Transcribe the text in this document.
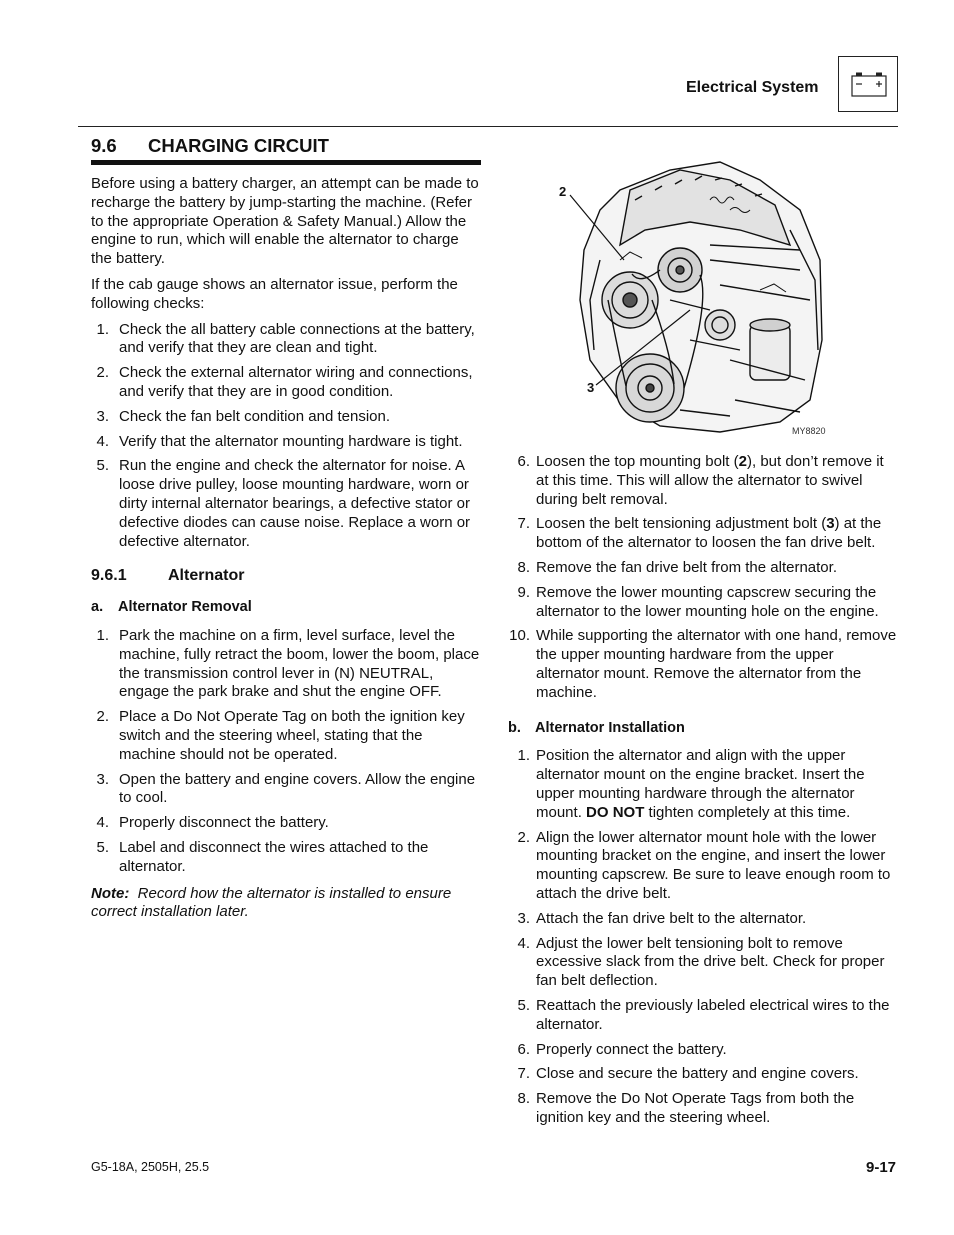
Electrical System
9.6 CHARGING CIRCUIT

Before using a battery charger, an attempt can be made to recharge the battery by jump-starting the machine. (Refer to the appropriate Operation & Safety Manual.) Allow the engine to run, which will enable the alternator to charge the battery.

If the cab gauge shows an alternator issue, perform the following checks:

1. Check the all battery cable connections at the battery, and verify that they are clean and tight.
2. Check the external alternator wiring and connections, and verify that they are in good condition.
3. Check the fan belt condition and tension.
4. Verify that the alternator mounting hardware is tight.
5. Run the engine and check the alternator for noise. A loose drive pulley, loose mounting hardware, worn or dirty internal alternator bearings, a defective stator or defective diodes can cause noise. Replace a worn or defective alternator.
9.6.1	Alternator
a. Alternator Removal
1. Park the machine on a firm, level surface, level the machine, fully retract the boom, lower the boom, place the transmission control lever in (N) NEUTRAL, engage the park brake and shut the engine OFF.
2. Place a Do Not Operate Tag on both the ignition key switch and the steering wheel, stating that the machine should not be operated.
3. Open the battery and engine covers. Allow the engine to cool.
4. Properly disconnect the battery.
5. Label and disconnect the wires attached to the alternator.

Note: Record how the alternator is installed to ensure correct installation later.

2
3
MY8820
6. Loosen the top mounting bolt (2), but don’t remove it at this time. This will allow the alternator to swivel during belt removal.
7. Loosen the belt tensioning adjustment bolt (3) at the bottom of the alternator to loosen the fan drive belt.
8. Remove the fan drive belt from the alternator.
9. Remove the lower mounting capscrew securing the alternator to the lower mounting hole on the engine.
10. While supporting the alternator with one hand, remove the upper mounting hardware from the upper alternator mount. Remove the alternator from the machine.
b. Alternator Installation
1. Position the alternator and align with the upper alternator mount on the engine bracket. Insert the upper mounting hardware through the alternator mount. DO NOT tighten completely at this time.
2. Align the lower alternator mount hole with the lower mounting bracket on the engine, and insert the lower mounting capscrew. Be sure to leave enough room to attach the drive belt.
3. Attach the fan drive belt to the alternator.
4. Adjust the lower belt tensioning bolt to remove excessive slack from the drive belt. Check for proper fan belt deflection.
5. Reattach the previously labeled electrical wires to the alternator.
6. Properly connect the battery.
7. Close and secure the battery and engine covers.
8. Remove the Do Not Operate Tags from both the ignition key and the steering wheel.
G5-18A, 2505H, 25.5	9-17
